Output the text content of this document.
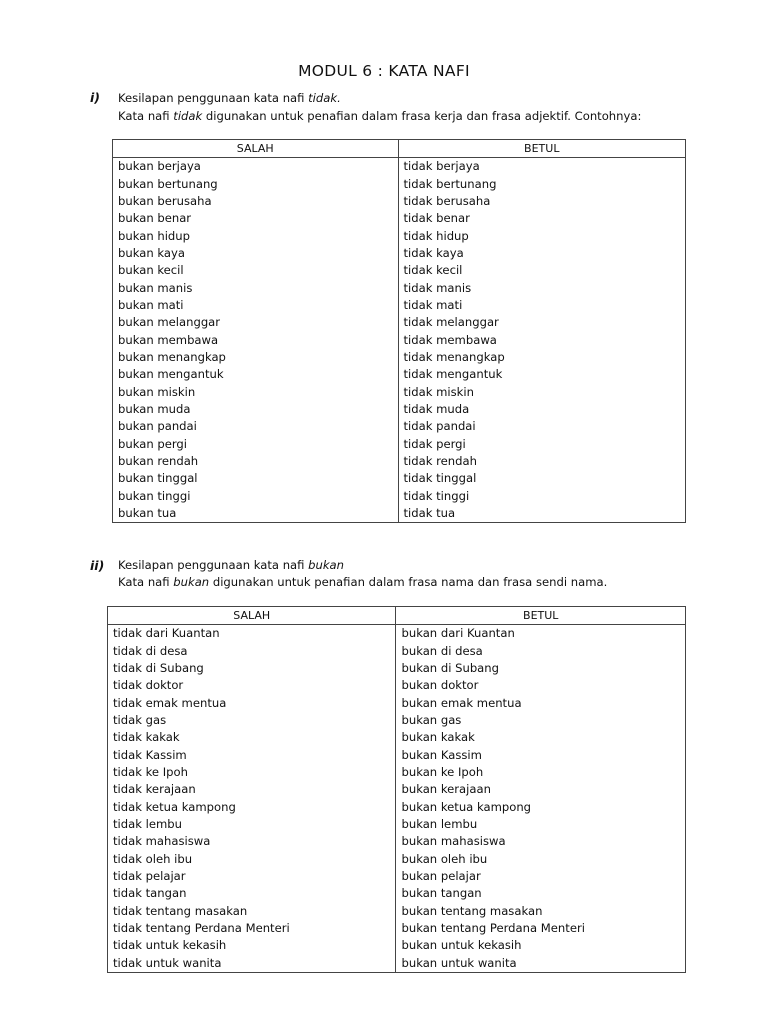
MODUL 6 : KATA NAFI
i) Kesilapan penggunaan kata nafi tidak.
Kata nafi tidak digunakan untuk penafian dalam frasa kerja dan frasa adjektif. Contohnya:
SALAH	BETUL
bukan berjaya	tidak berjaya
bukan bertunang	tidak bertunang
bukan berusaha	tidak berusaha
bukan benar	tidak benar
bukan hidup	tidak hidup
bukan kaya	tidak kaya
bukan kecil	tidak kecil
bukan manis	tidak manis
bukan mati	tidak mati
bukan melanggar	tidak melanggar
bukan membawa	tidak membawa
bukan menangkap	tidak menangkap
bukan mengantuk	tidak mengantuk
bukan miskin	tidak miskin
bukan muda	tidak muda
bukan pandai	tidak pandai
bukan pergi	tidak pergi
bukan rendah	tidak rendah
bukan tinggal	tidak tinggal
bukan tinggi	tidak tinggi
bukan tua	tidak tua
ii) Kesilapan penggunaan kata nafi bukan
Kata nafi bukan digunakan untuk penafian dalam frasa nama dan frasa sendi nama.
SALAH	BETUL
tidak dari Kuantan	bukan dari Kuantan
tidak di desa	bukan di desa
tidak di Subang	bukan di Subang
tidak doktor	bukan doktor
tidak emak mentua	bukan emak mentua
tidak gas	bukan gas
tidak kakak	bukan kakak
tidak Kassim	bukan Kassim
tidak ke Ipoh	bukan ke Ipoh
tidak kerajaan	bukan kerajaan
tidak ketua kampong	bukan ketua kampong
tidak lembu	bukan lembu
tidak mahasiswa	bukan mahasiswa
tidak oleh ibu	bukan oleh ibu
tidak pelajar	bukan pelajar
tidak tangan	bukan tangan
tidak tentang masakan	bukan tentang masakan
tidak tentang Perdana Menteri	bukan tentang Perdana Menteri
tidak untuk kekasih	bukan untuk kekasih
tidak untuk wanita	bukan untuk wanita
